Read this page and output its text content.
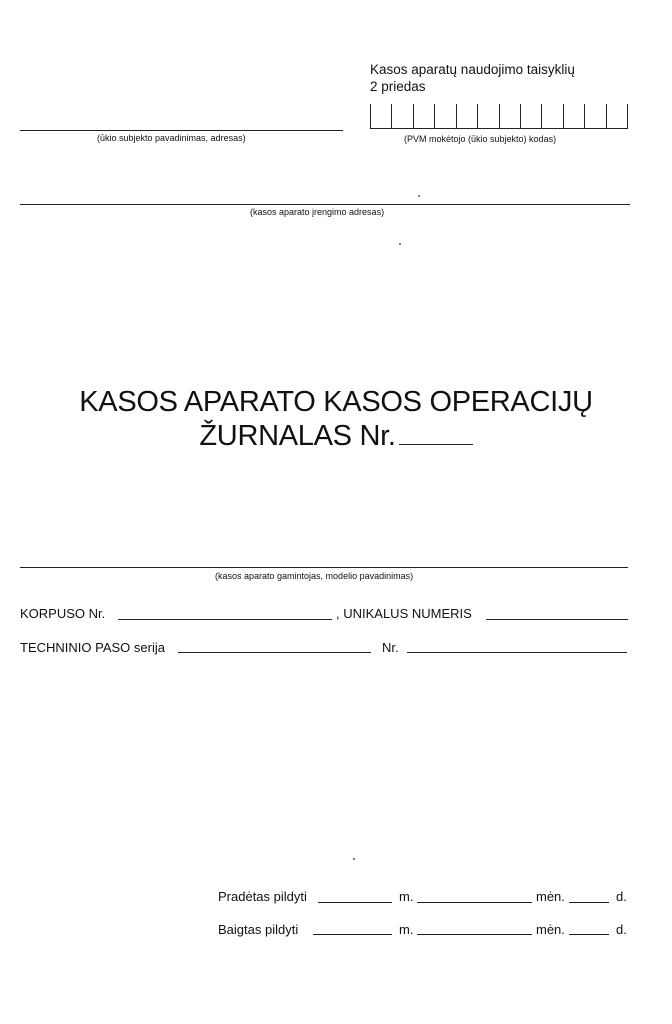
Kasos aparatų naudojimo taisyklių
2 priedas
(ūkio subjekto pavadinimas, adresas)	(PVM mokėtojo (ūkio subjekto) kodas)
(kasos aparato įrengimo adresas)
KASOS APARATO KASOS OPERACIJŲ
ŽURNALAS Nr.
(kasos aparato gamintojas, modelio pavadinimas)
KORPUSO Nr.	, UNIKALUS NUMERIS
TECHNINIO PASO serija	Nr.
Pradėtas pildyti	m.	mėn.	d.
Baigtas pildyti	m.	mėn.	d.
